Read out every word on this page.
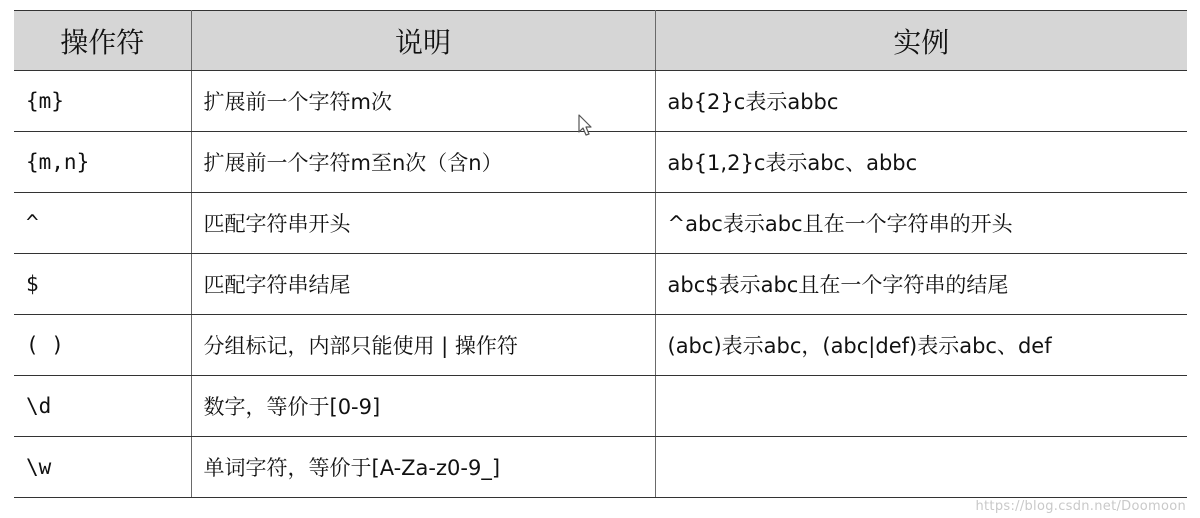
操作符	说明	实例
{m}	扩展前一个字符m次	ab{2}c表示abbc
{m,n}	扩展前一个字符m至n次（含n）	ab{1,2}c表示abc、abbc
^	匹配字符串开头	^abc表示abc且在一个字符串的开头
$	匹配字符串结尾	abc$表示abc且在一个字符串的结尾
( )	分组标记，内部只能使用 | 操作符	(abc)表示abc，(abc|def)表示abc、def
\d	数字，等价于[0-9]	
\w	单词字符，等价于[A-Za-z0-9_]	
https://blog.csdn.net/Doomoon
